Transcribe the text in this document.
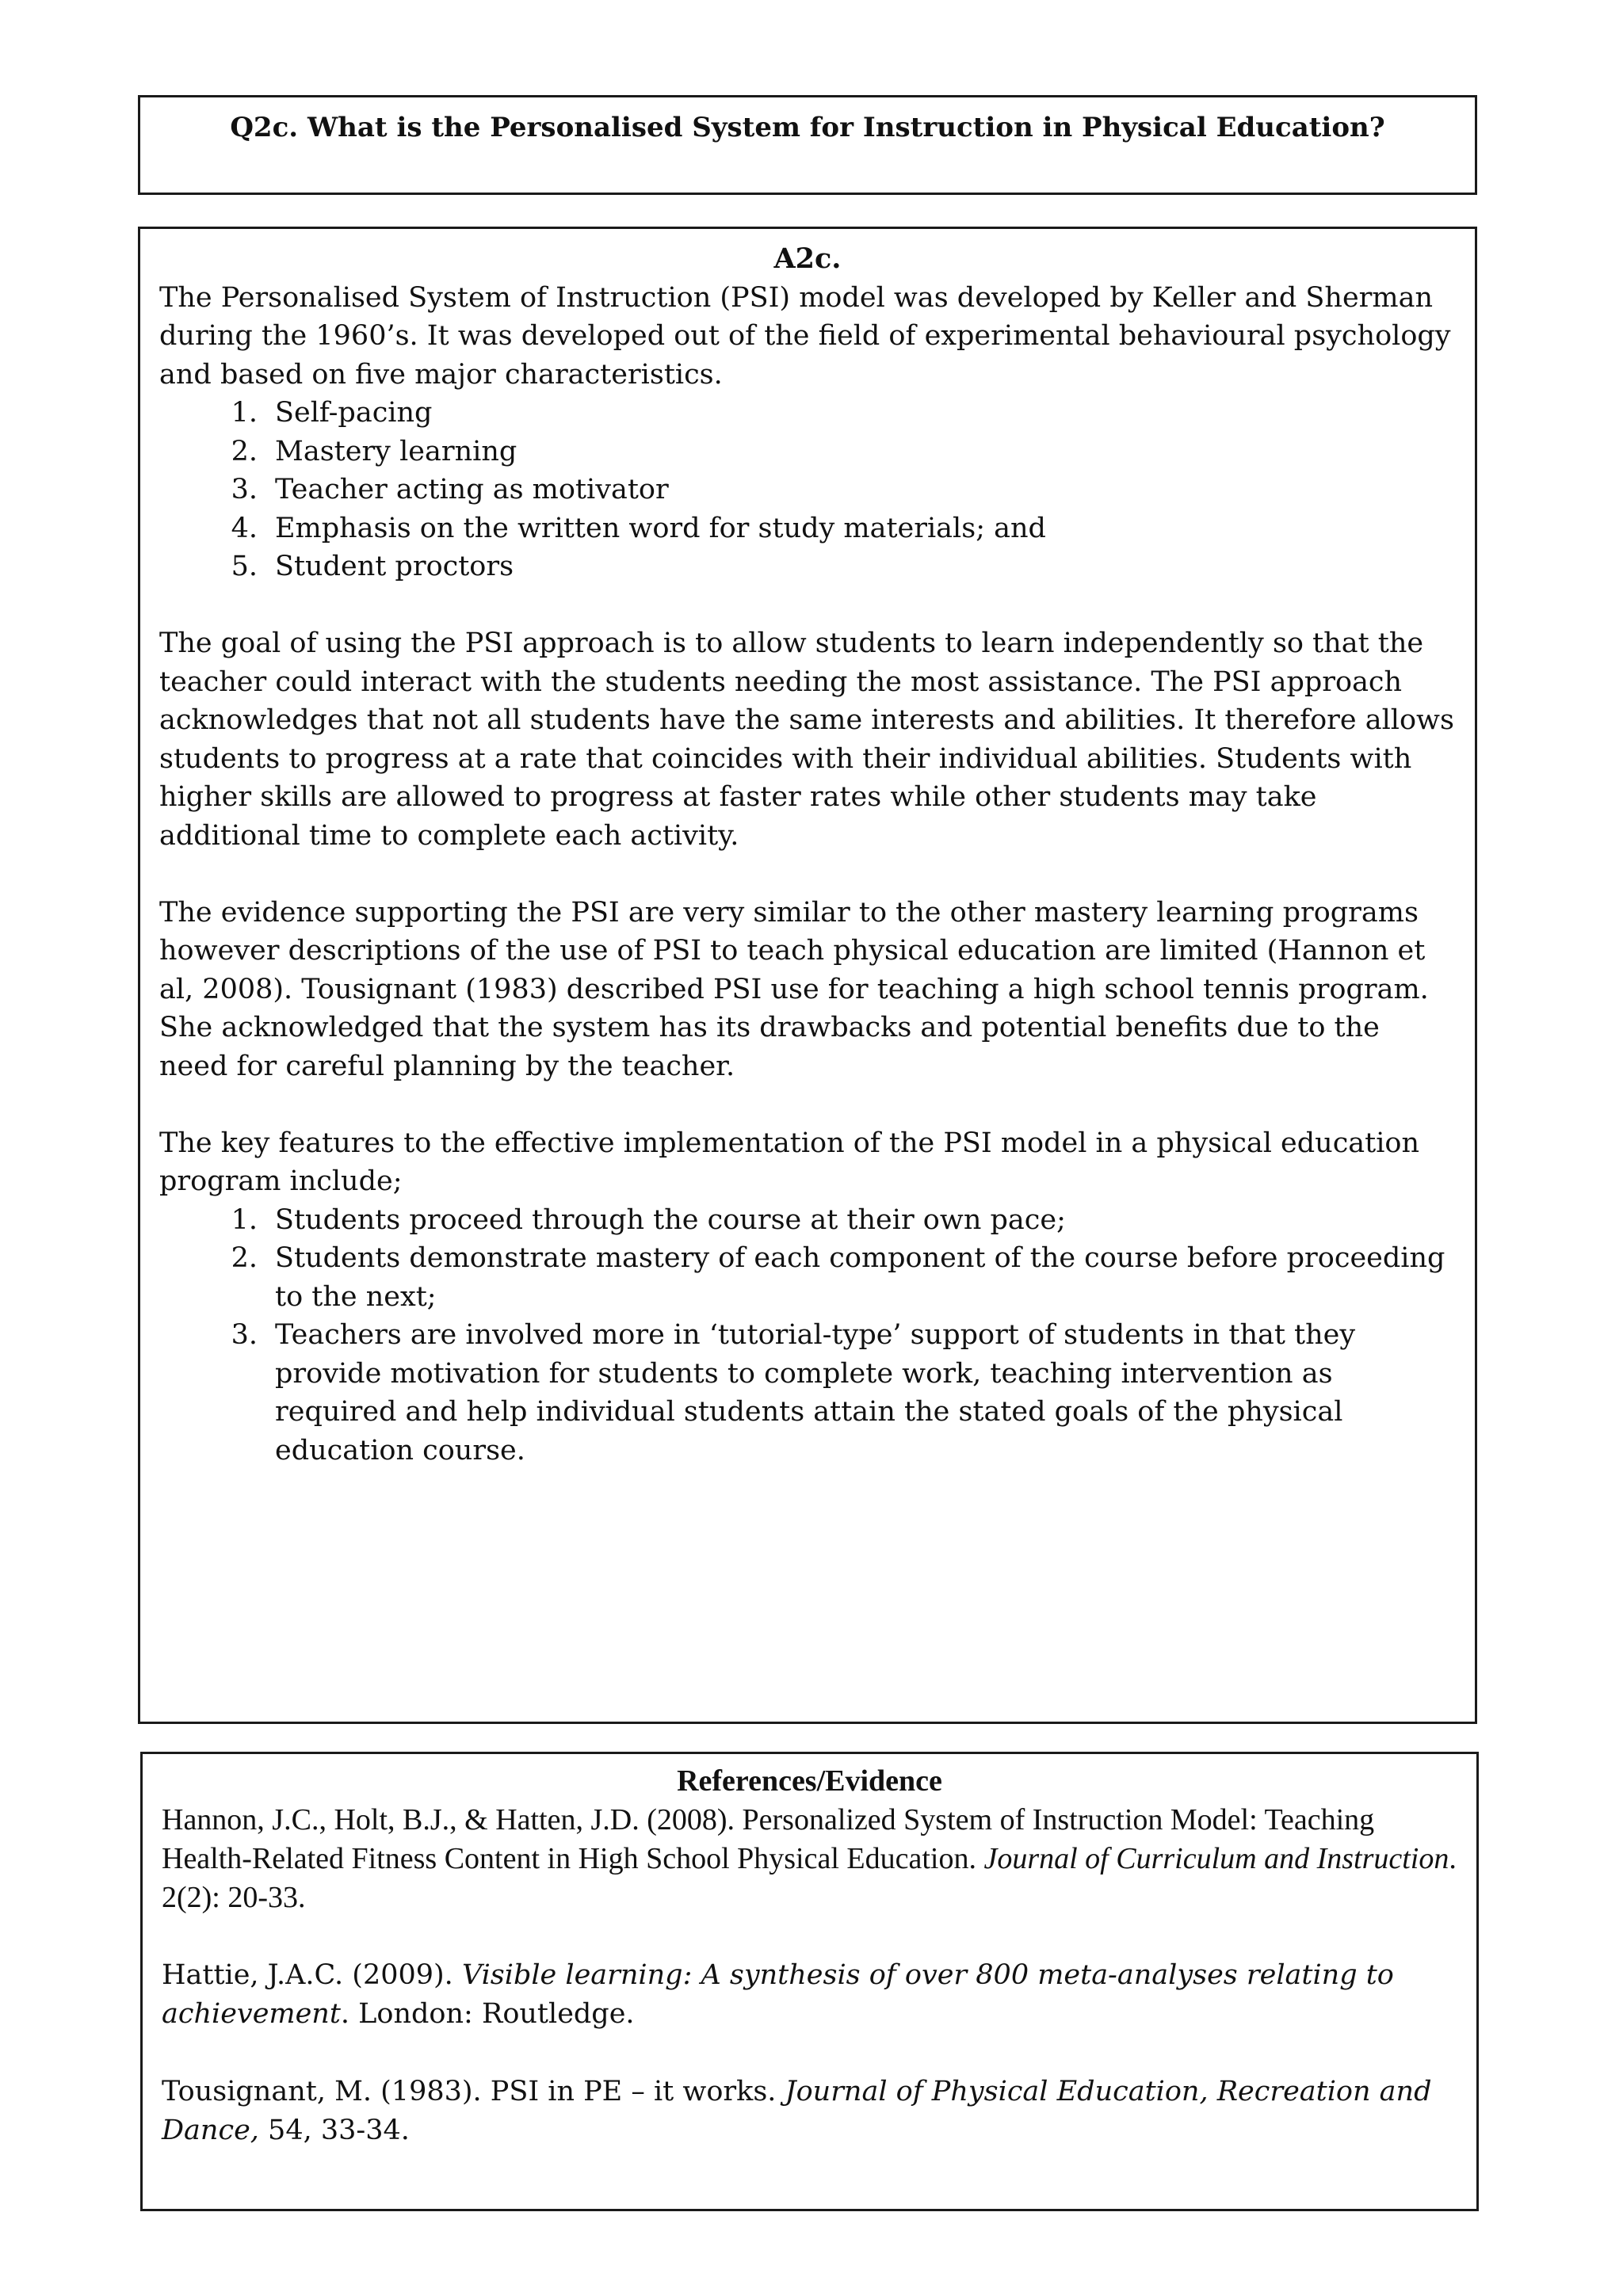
Q2c. What is the Personalised System for Instruction in Physical Education?

A2c.

The Personalised System of Instruction (PSI) model was developed by Keller and Sherman during the 1960’s. It was developed out of the field of experimental behavioural psychology and based on five major characteristics.

1. Self-pacing
2. Mastery learning
3. Teacher acting as motivator
4. Emphasis on the written word for study materials; and
5. Student proctors

The goal of using the PSI approach is to allow students to learn independently so that the teacher could interact with the students needing the most assistance. The PSI approach acknowledges that not all students have the same interests and abilities. It therefore allows students to progress at a rate that coincides with their individual abilities. Students with higher skills are allowed to progress at faster rates while other students may take additional time to complete each activity.

The evidence supporting the PSI are very similar to the other mastery learning programs however descriptions of the use of PSI to teach physical education are limited (Hannon et al, 2008). Tousignant (1983) described PSI use for teaching a high school tennis program. She acknowledged that the system has its drawbacks and potential benefits due to the need for careful planning by the teacher.

The key features to the effective implementation of the PSI model in a physical education program include;

1. Students proceed through the course at their own pace;
2. Students demonstrate mastery of each component of the course before proceeding to the next;
3. Teachers are involved more in ‘tutorial-type’ support of students in that they provide motivation for students to complete work, teaching intervention as required and help individual students attain the stated goals of the physical education course.

References/Evidence

Hannon, J.C., Holt, B.J., & Hatten, J.D. (2008). Personalized System of Instruction Model: Teaching Health-Related Fitness Content in High School Physical Education. Journal of Curriculum and Instruction. 2(2): 20-33.

Hattie, J.A.C. (2009). Visible learning: A synthesis of over 800 meta-analyses relating to achievement. London: Routledge.

Tousignant, M. (1983). PSI in PE – it works. Journal of Physical Education, Recreation and Dance, 54, 33-34.
